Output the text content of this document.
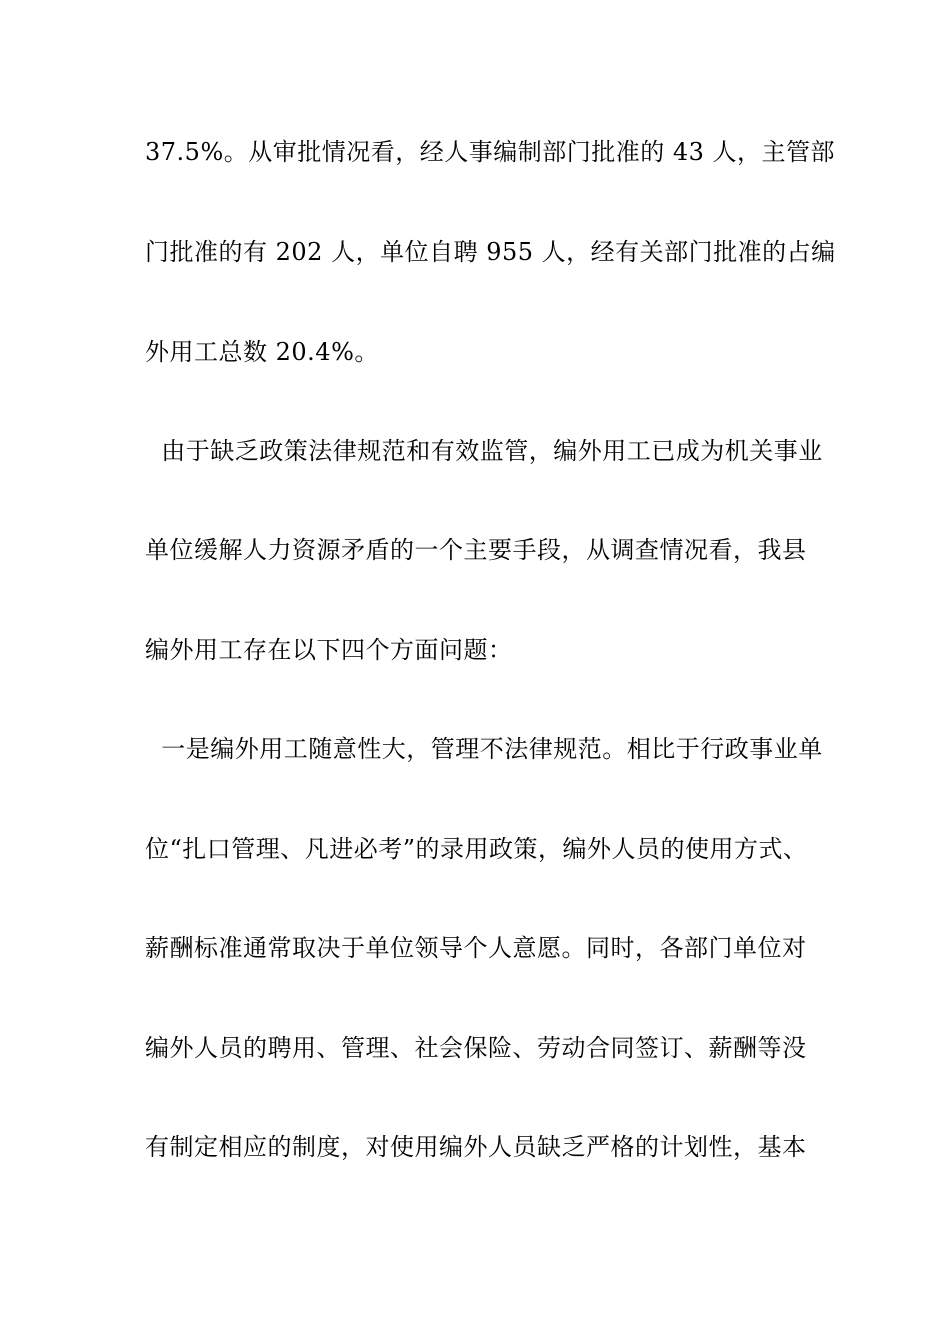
37.5%。从审批情况看，经人事编制部门批准的 43 人，主管部
门批准的有 202 人，单位自聘 955 人，经有关部门批准的占编
外用工总数 20.4%。
由于缺乏政策法律规范和有效监管，编外用工已成为机关事业
单位缓解人力资源矛盾的一个主要手段，从调查情况看，我县
编外用工存在以下四个方面问题：
一是编外用工随意性大，管理不法律规范。相比于行政事业单
位“扎口管理、凡进必考”的录用政策，编外人员的使用方式、
薪酬标准通常取决于单位领导个人意愿。同时，各部门单位对
编外人员的聘用、管理、社会保险、劳动合同签订、薪酬等没
有制定相应的制度，对使用编外人员缺乏严格的计划性，基本
